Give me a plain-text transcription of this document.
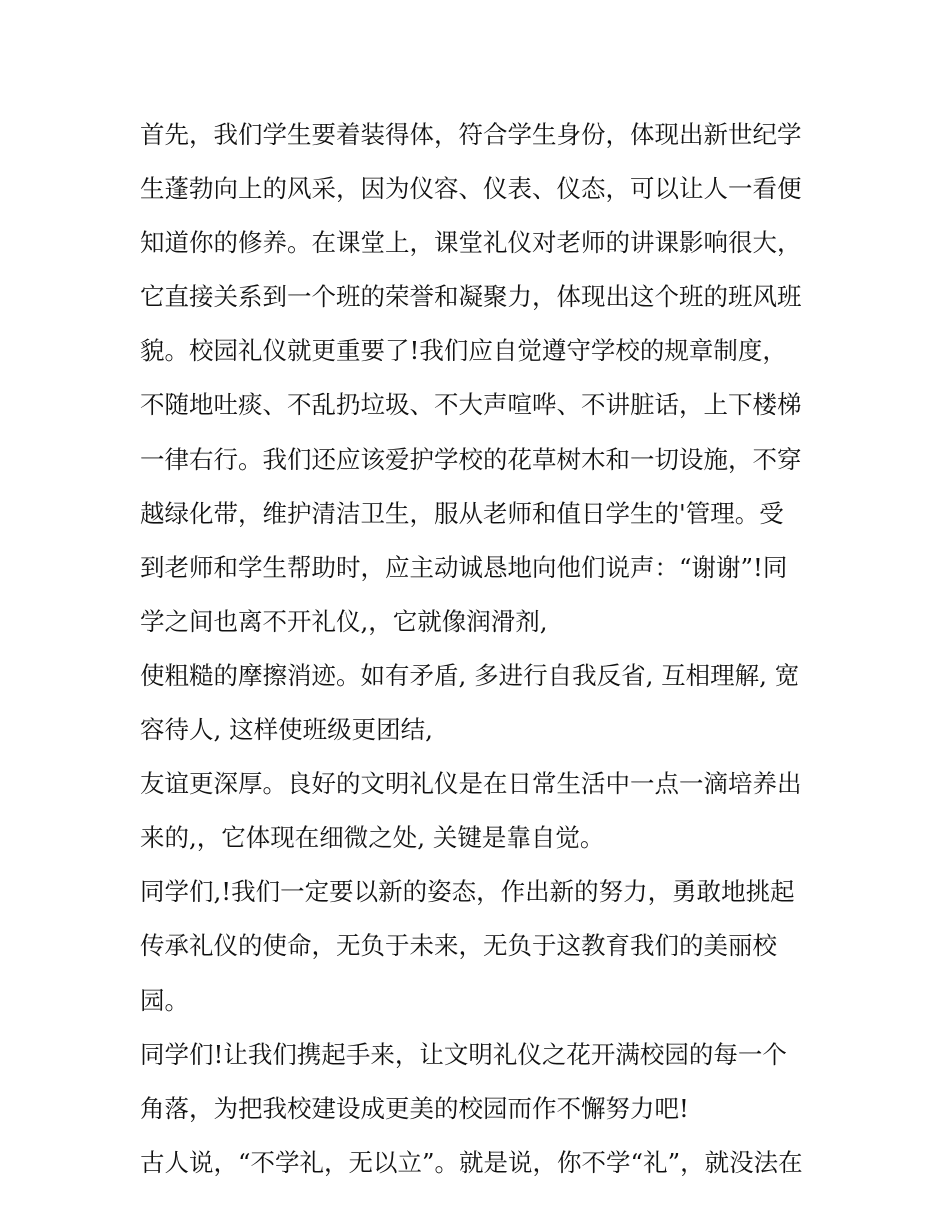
首先，我们学生要着装得体，符合学生身份，体现出新世纪学
生蓬勃向上的风采，因为仪容、仪表、仪态，可以让人一看便
知道你的修养。在课堂上，课堂礼仪对老师的讲课影响很大，
它直接关系到一个班的荣誉和凝聚力，体现出这个班的班风班
貌。校园礼仪就更重要了!我们应自觉遵守学校的规章制度，
不随地吐痰、不乱扔垃圾、不大声喧哗、不讲脏话，上下楼梯
一律右行。我们还应该爱护学校的花草树木和一切设施，不穿
越绿化带，维护清洁卫生，服从老师和值日学生的'管理。受
到老师和学生帮助时，应主动诚恳地向他们说声：“谢谢”!同
学之间也离不开礼仪,，它就像润滑剂,
使粗糙的摩擦消迹。如有矛盾, 多进行自我反省, 互相理解, 宽
容待人, 这样使班级更团结,
友谊更深厚。良好的文明礼仪是在日常生活中一点一滴培养出
来的,，它体现在细微之处, 关键是靠自觉。
同学们,!我们一定要以新的姿态，作出新的努力，勇敢地挑起
传承礼仪的使命，无负于未来，无负于这教育我们的美丽校
园。
同学们!让我们携起手来，让文明礼仪之花开满校园的每一个
角落，为把我校建设成更美的校园而作不懈努力吧!
古人说，“不学礼，无以立”。就是说，你不学“礼”，就没法在
